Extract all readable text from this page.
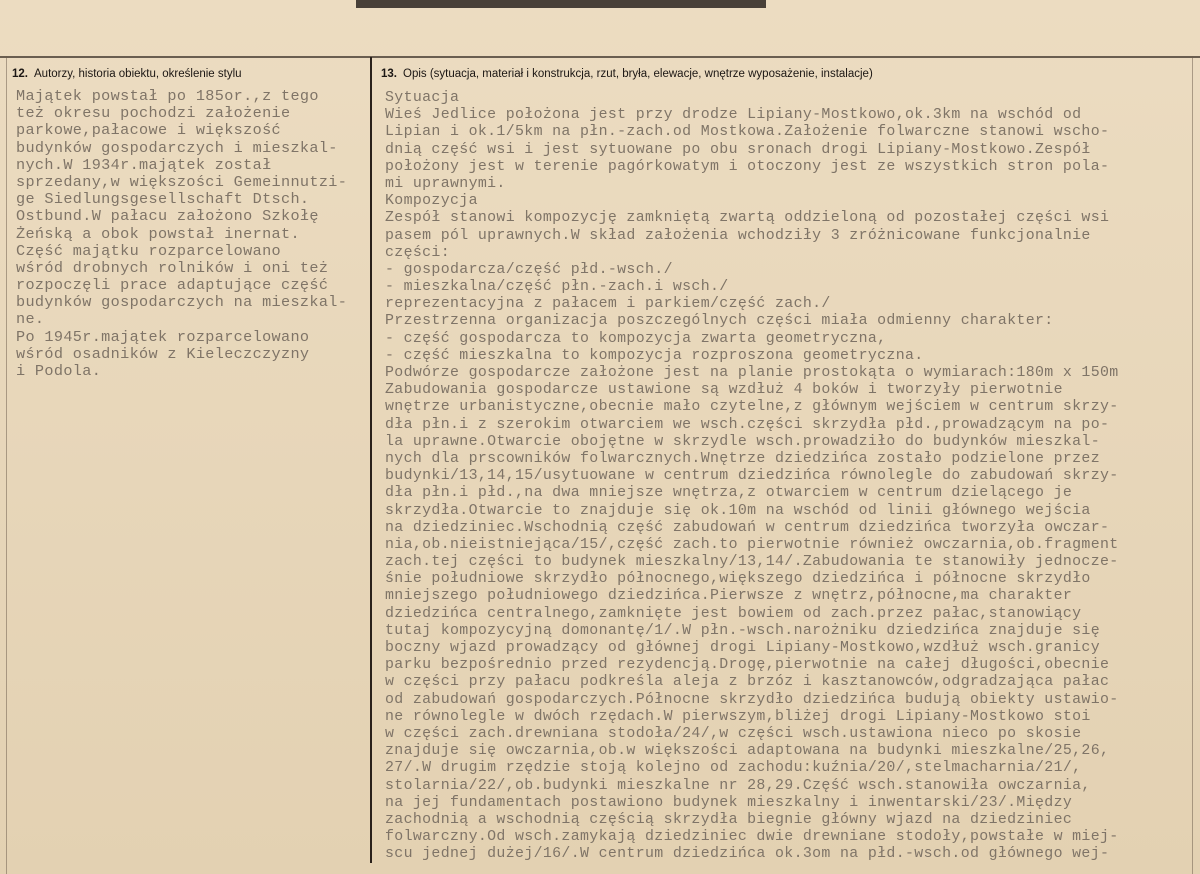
12. Autorzy, historia obiektu, określenie stylu	13. Opis (sytuacja, materiał i konstrukcja, rzut, bryła, elewacje, wnętrze wyposażenie, instalacje)
Majątek powstał po 185or.,z tego
też okresu pochodzi założenie
parkowe,pałacowe i większość
budynków gospodarczych i mieszkal-
nych.W 1934r.majątek został
sprzedany,w większości Gemeinnutzi-
ge Siedlungsgesellschaft Dtsch.
Ostbund.W pałacu założono Szkołę
Żeńską a obok powstał inernat.
Część majątku rozparcelowano
wśród drobnych rolników i oni też
rozpoczęli prace adaptujące część
budynków gospodarczych na mieszkal-
ne.
Po 1945r.majątek rozparcelowano
wśród osadników z Kieleczczyzny
i Podola.
Sytuacja
Wieś Jedlice położona jest przy drodze Lipiany-Mostkowo,ok.3km na wschód od
Lipian i ok.1/5km na płn.-zach.od Mostkowa.Założenie folwarczne stanowi wscho-
dnią część wsi i jest sytuowane po obu sronach drogi Lipiany-Mostkowo.Zespół
położony jest w terenie pagórkowatym i otoczony jest ze wszystkich stron pola-
mi uprawnymi.
Kompozycja
Zespół stanowi kompozycję zamkniętą zwartą oddzieloną od pozostałej części wsi
pasem pól uprawnych.W skład założenia wchodziły 3 zróżnicowane funkcjonalnie
części:
- gospodarcza/część płd.-wsch./
- mieszkalna/część płn.-zach.i wsch./
reprezentacyjna z pałacem i parkiem/część zach./
Przestrzenna organizacja poszczególnych części miała odmienny charakter:
- część gospodarcza to kompozycja zwarta geometryczna,
- część mieszkalna to kompozycja rozproszona geometryczna.
Podwórze gospodarcze założone jest na planie prostokąta o wymiarach:180m x 150m
Zabudowania gospodarcze ustawione są wzdłuż 4 boków i tworzyły pierwotnie
wnętrze urbanistyczne,obecnie mało czytelne,z głównym wejściem w centrum skrzy-
dła płn.i z szerokim otwarciem we wsch.części skrzydła płd.,prowadzącym na po-
la uprawne.Otwarcie obojętne w skrzydle wsch.prowadziło do budynków mieszkal-
nych dla prscowników folwarcznych.Wnętrze dziedzińca zostało podzielone przez
budynki/13,14,15/usytuowane w centrum dziedzińca równolegle do zabudowań skrzy-
dła płn.i płd.,na dwa mniejsze wnętrza,z otwarciem w centrum dzielącego je
skrzydła.Otwarcie to znajduje się ok.10m na wschód od linii głównego wejścia
na dziedziniec.Wschodnią część zabudowań w centrum dziedzińca tworzyła owczar-
nia,ob.nieistniejąca/15/,część zach.to pierwotnie również owczarnia,ob.fragment
zach.tej części to budynek mieszkalny/13,14/.Zabudowania te stanowiły jednocze-
śnie południowe skrzydło północnego,większego dziedzińca i północne skrzydło
mniejszego południowego dziedzińca.Pierwsze z wnętrz,północne,ma charakter
dziedzińca centralnego,zamknięte jest bowiem od zach.przez pałac,stanowiący
tutaj kompozycyjną domonantę/1/.W płn.-wsch.narożniku dziedzińca znajduje się
boczny wjazd prowadzący od głównej drogi Lipiany-Mostkowo,wzdłuż wsch.granicy
parku bezpośrednio przed rezydencją.Drogę,pierwotnie na całej długości,obecnie
w części przy pałacu podkreśla aleja z brzóz i kasztanowców,odgradzająca pałac
od zabudowań gospodarczych.Północne skrzydło dziedzińca budują obiekty ustawio-
ne równolegle w dwóch rzędach.W pierwszym,bliżej drogi Lipiany-Mostkowo stoi
w części zach.drewniana stodoła/24/,w części wsch.ustawiona nieco po skosie
znajduje się owczarnia,ob.w większości adaptowana na budynki mieszkalne/25,26,
27/.W drugim rzędzie stoją kolejno od zachodu:kuźnia/20/,stelmacharnia/21/,
stolarnia/22/,ob.budynki mieszkalne nr 28,29.Część wsch.stanowiła owczarnia,
na jej fundamentach postawiono budynek mieszkalny i inwentarski/23/.Między
zachodnią a wschodnią częścią skrzydła biegnie główny wjazd na dziedziniec
folwarczny.Od wsch.zamykają dziedziniec dwie drewniane stodoły,powstałe w miej-
scu jednej dużej/16/.W centrum dziedzińca ok.3om na płd.-wsch.od głównego wej-
